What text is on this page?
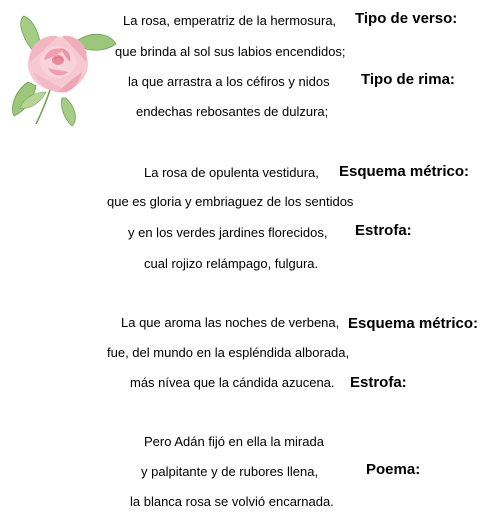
La rosa, emperatriz de la hermosura,
que brinda al sol sus labios encendidos;
la que arrastra a los céfiros y nidos
endechas rebosantes de dulzura;
La rosa de opulenta vestidura,
que es gloria y embriaguez de los sentidos
y en los verdes jardines florecidos,
cual rojizo relámpago, fulgura.
La que aroma las noches de verbena,
fue, del mundo en la espléndida alborada,
más nívea que la cándida azucena.
Pero Adán fijó en ella la mirada
y palpitante y de rubores llena,
la blanca rosa se volvió encarnada.
Tipo de verso:
Tipo de rima:
Esquema métrico:
Estrofa:
Esquema métrico:
Estrofa:
Poema:
